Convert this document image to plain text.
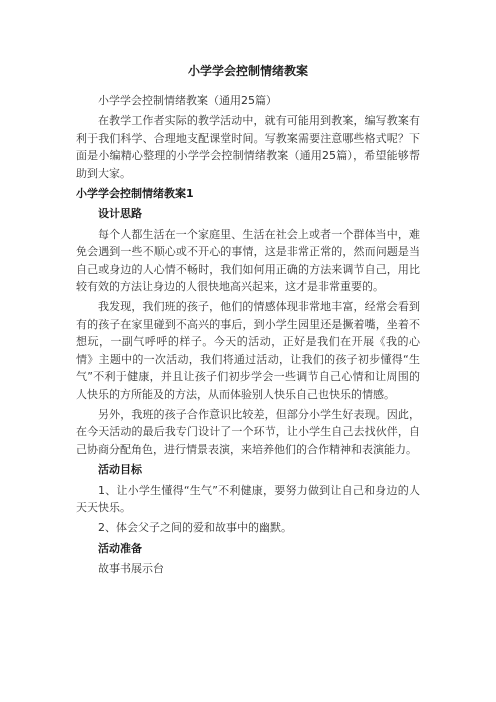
小学学会控制情绪教案

小学学会控制情绪教案（通用25篇）

在教学工作者实际的教学活动中，就有可能用到教案，编写教案有利于我们科学、合理地支配课堂时间。写教案需要注意哪些格式呢？下面是小编精心整理的小学学会控制情绪教案（通用25篇），希望能够帮助到大家。

小学学会控制情绪教案1

设计思路

每个人都生活在一个家庭里、生活在社会上或者一个群体当中，难免会遇到一些不顺心或不开心的事情，这是非常正常的，然而问题是当自己或身边的人心情不畅时，我们如何用正确的方法来调节自己，用比较有效的方法让身边的人很快地高兴起来，这才是非常重要的。

我发现，我们班的孩子，他们的情感体现非常地丰富，经常会看到有的孩子在家里碰到不高兴的事后，到小学生园里还是撅着嘴，坐着不想玩，一副气呼呼的样子。今天的活动，正好是我们在开展《我的心情》主题中的一次活动，我们将通过活动，让我们的孩子初步懂得“生气”不利于健康，并且让孩子们初步学会一些调节自己心情和让周围的人快乐的方所能及的方法，从而体验别人快乐自己也快乐的情感。

另外，我班的孩子合作意识比较差，但部分小学生好表现。因此，在今天活动的最后我专门设计了一个环节，让小学生自己去找伙伴，自己协商分配角色，进行情景表演，来培养他们的合作精神和表演能力。

活动目标

1、让小学生懂得“生气”不利健康，要努力做到让自己和身边的人天天快乐。

2、体会父子之间的爱和故事中的幽默。

活动准备

故事书展示台
